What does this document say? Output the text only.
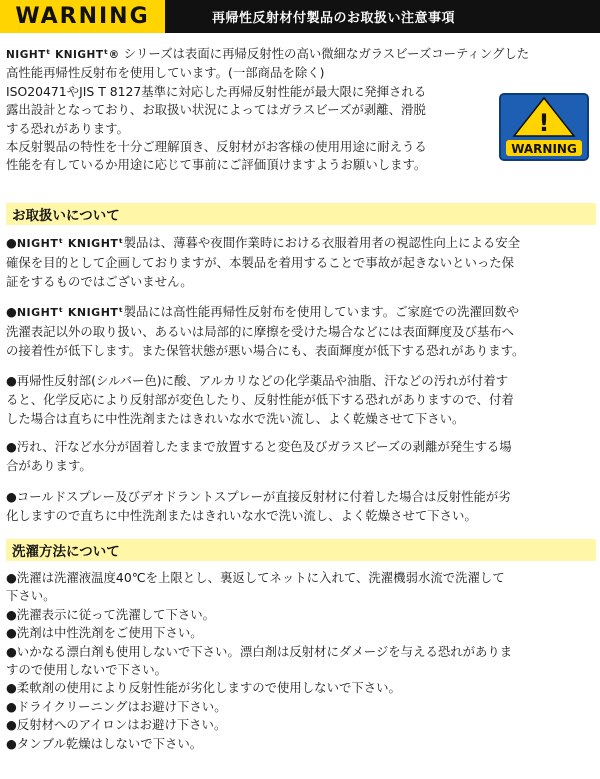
WARNING	再帰性反射材付製品のお取扱い注意事項

NIGHTᵗ KNIGHTᵗ® シリーズは表面に再帰反射性の高い微細なガラスビーズコーティングした

高性能再帰性反射布を使用しています。(一部商品を除く)

ISO20471やJIS T 8127基準に対応した再帰反射性能が最大限に発揮される

露出設計となっており、お取扱い状況によってはガラスビーズが剥離、滑脱

する恐れがあります。

本反射製品の特性を十分ご理解頂き、反射材がお客様の使用用途に耐えうる

性能を有しているか用途に応じて事前にご評価頂けますようお願いします。

!
WARNING
お取扱いについて
●NIGHTᵗ KNIGHTᵗ製品は、薄暮や夜間作業時における衣服着用者の視認性向上による安全
確保を目的として企画しておりますが、本製品を着用することで事故が起きないといった保
証をするものではございません。
●NIGHTᵗ KNIGHTᵗ製品には高性能再帰性反射布を使用しています。ご家庭での洗濯回数や
洗濯表記以外の取り扱い、あるいは局部的に摩擦を受けた場合などには表面輝度及び基布へ
の接着性が低下します。また保管状態が悪い場合にも、表面輝度が低下する恐れがあります。
●再帰性反射部(シルバー色)に酸、アルカリなどの化学薬品や油脂、汗などの汚れが付着す
ると、化学反応により反射部が変色したり、反射性能が低下する恐れがありますので、付着
した場合は直ちに中性洗剤またはきれいな水で洗い流し、よく乾燥させて下さい。
●汚れ、汗など水分が固着したままで放置すると変色及びガラスビーズの剥離が発生する場
合があります。
●コールドスプレー及びデオドラントスプレーが直接反射材に付着した場合は反射性能が劣
化しますので直ちに中性洗剤またはきれいな水で洗い流し、よく乾燥させて下さい。
洗濯方法について
●洗濯は洗濯液温度40℃を上限とし、裏返してネットに入れて、洗濯機弱水流で洗濯して
下さい。
●洗濯表示に従って洗濯して下さい。
●洗剤は中性洗剤をご使用下さい。
●いかなる漂白剤も使用しないで下さい。漂白剤は反射材にダメージを与える恐れがありま
すので使用しないで下さい。
●柔軟剤の使用により反射性能が劣化しますので使用しないで下さい。
●ドライクリーニングはお避け下さい。
●反射材へのアイロンはお避け下さい。
●タンブル乾燥はしないで下さい。
